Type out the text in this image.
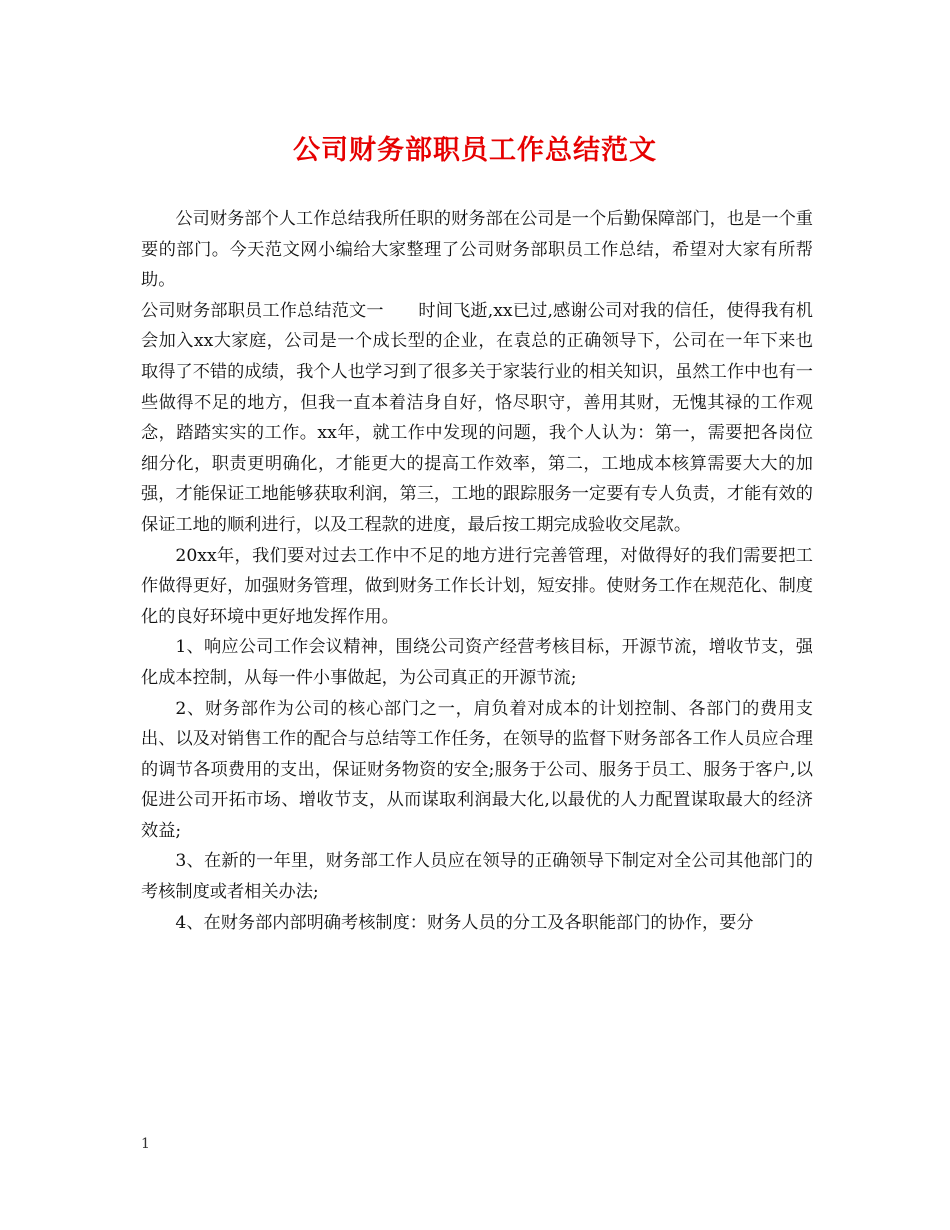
公司财务部职员工作总结范文

公司财务部个人工作总结我所任职的财务部在公司是一个后勤保障部门，也是一个重要的部门。今天范文网小编给大家整理了公司财务部职员工作总结，希望对大家有所帮助。

公司财务部职员工作总结范文一　　时间飞逝,xx已过,感谢公司对我的信任，使得我有机会加入xx大家庭，公司是一个成长型的企业，在袁总的正确领导下，公司在一年下来也取得了不错的成绩，我个人也学习到了很多关于家装行业的相关知识，虽然工作中也有一些做得不足的地方，但我一直本着洁身自好，恪尽职守，善用其财，无愧其禄的工作观念，踏踏实实的工作。xx年，就工作中发现的问题，我个人认为：第一，需要把各岗位细分化，职责更明确化，才能更大的提高工作效率，第二，工地成本核算需要大大的加强，才能保证工地能够获取利润，第三，工地的跟踪服务一定要有专人负责，才能有效的保证工地的顺利进行，以及工程款的进度，最后按工期完成验收交尾款。

20xx年，我们要对过去工作中不足的地方进行完善管理，对做得好的我们需要把工作做得更好，加强财务管理，做到财务工作长计划，短安排。使财务工作在规范化、制度化的良好环境中更好地发挥作用。

1、响应公司工作会议精神，围绕公司资产经营考核目标，开源节流，增收节支，强化成本控制，从每一件小事做起，为公司真正的开源节流;

2、财务部作为公司的核心部门之一，肩负着对成本的计划控制、各部门的费用支出、以及对销售工作的配合与总结等工作任务，在领导的监督下财务部各工作人员应合理的调节各项费用的支出，保证财务物资的安全;服务于公司、服务于员工、服务于客户,以促进公司开拓市场、增收节支，从而谋取利润最大化,以最优的人力配置谋取最大的经济效益;

3、在新的一年里，财务部工作人员应在领导的正确领导下制定对全公司其他部门的考核制度或者相关办法;

4、在财务部内部明确考核制度：财务人员的分工及各职能部门的协作，要分

1
